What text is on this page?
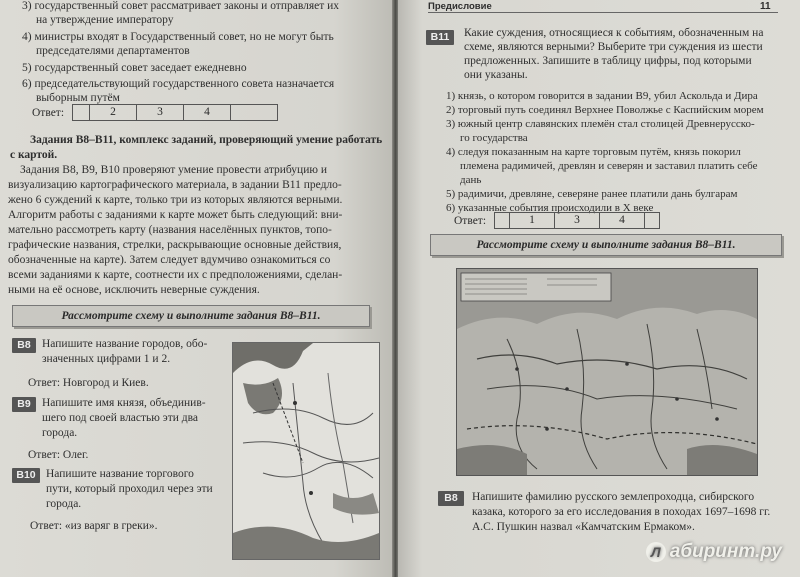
3) государственный совет рассматривает законы и отправляет их
на утверждение императору
4) министры входят в Государственный совет, но не могут быть
председателями департаментов
5) государственный совет заседает ежедневно
6) председательствующий государственного совета назначается
выборным путём
Ответ:	2	3	4
Задания В8–В11, комплекс заданий, проверяющий умение работать
с картой.
Задания В8, В9, В10 проверяют умение провести атрибуцию и
визуализацию картографического материала, в задании В11 предло-
жено 6 суждений к карте, только три из которых являются верными.
Алгоритм работы с заданиями к карте может быть следующий: вни-
мательно рассмотреть карту (названия населённых пунктов, топо-
графические названия, стрелки, раскрывающие основные действия,
обозначенные на карте). Затем следует вдумчиво ознакомиться со
всеми заданиями к карте, соотнести их с предположениями, сделан-
ными на её основе, исключить неверные суждения.
Рассмотрите схему и выполните задания В8–В11.
B8 Напишите название городов, обо-
значенных цифрами 1 и 2.
Ответ: Новгород и Киев.
B9 Напишите имя князя, объединив-
шего под своей властью эти два
города.
Ответ: Олег.
B10 Напишите название торгового
пути, который проходил через эти
города.
Ответ: «из варяг в греки».
Предисловие	11
B11	Какие суждения, относящиеся к событиям, обозначенным на
схеме, являются верными? Выберите три суждения из шести
предложенных. Запишите в таблицу цифры, под которыми
они указаны.
1) князь, о котором говорится в задании В9, убил Аскольда и Дира
2) торговый путь соединял Верхнее Поволжье с Каспийским морем
3) южный центр славянских племён стал столицей Древнерусско-
го государства
4) следуя показанным на карте торговым путём, князь покорил
племена радимичей, древлян и северян и заставил платить себе
дань
5) радимичи, древляне, северяне ранее платили дань булгарам
6) указанные события происходили в X веке
Ответ:	1	3	4
Рассмотрите схему и выполните задания В8–В11.
B8	Напишите фамилию русского землепроходца, сибирского
казака, которого за его исследования в походах 1697–1698 гг.
А.С. Пушкин назвал «Камчатским Ермаком».
Л абиринт.ру
